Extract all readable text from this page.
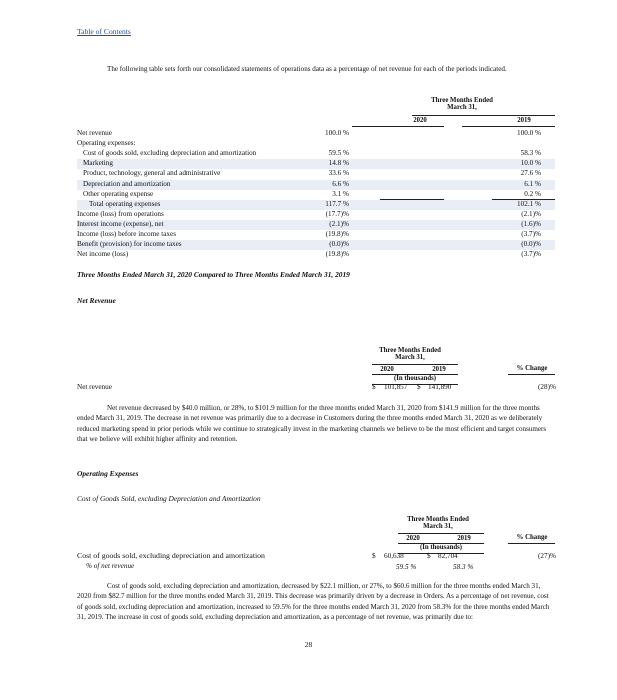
Table of Contents
The following table sets forth our consolidated statements of operations data as a percentage of net revenue for each of the periods indicated.
Three Months Ended
March 31,
2020	2019
Net revenue	100.0 %	100.0 %
Operating expenses:
Cost of goods sold, excluding depreciation and amortization	59.5 %	58.3 %
Marketing	14.8 %	10.0 %
Product, technology, general and administrative	33.6 %	27.6 %
Depreciation and amortization	6.6 %	6.1 %
Other operating expense	3.1 %	0.2 %
Total operating expenses	117.7 %	102.1 %
Income (loss) from operations	(17.7)%	(2.1)%
Interest income (expense), net	(2.1)%	(1.6)%
Income (loss) before income taxes	(19.8)%	(3.7)%
Benefit (provision) for income taxes	(0.0)%	(0.0)%
Net income (loss)	(19.8)%	(3.7)%
Three Months Ended March 31, 2020 Compared to Three Months Ended March 31, 2019
Net Revenue
Three Months Ended
March 31,
2020	2019
(In thousands)
% Change
Net revenue	$ 101,857 $ 141,890	(28)%
Net revenue decreased by $40.0 million, or 28%, to $101.9 million for the three months ended March 31, 2020 from $141.9 million for the three months ended March 31, 2019. The decrease in net revenue was primarily due to a decrease in Customers during the three months ended March 31, 2020 as we deliberately reduced marketing spend in prior periods while we continue to strategically invest in the marketing channels we believe to be the most efficient and target consumers that we believe will exhibit higher affinity and retention.
Operating Expenses
Cost of Goods Sold, excluding Depreciation and Amortization
Three Months Ended
March 31,
2020	2019
(In thousands)
% Change
Cost of goods sold, excluding depreciation and amortization	$ 60,638	$ 82,704	(27)%
% of net revenue	59.5 %	58.3 %
Cost of goods sold, excluding depreciation and amortization, decreased by $22.1 million, or 27%, to $60.6 million for the three months ended March 31, 2020 from $82.7 million for the three months ended March 31, 2019. This decrease was primarily driven by a decrease in Orders. As a percentage of net revenue, cost of goods sold, excluding depreciation and amortization, increased to 59.5% for the three months ended March 31, 2020 from 58.3% for the three months ended March 31, 2019. The increase in cost of goods sold, excluding depreciation and amortization, as a percentage of net revenue, was primarily due to:
28
